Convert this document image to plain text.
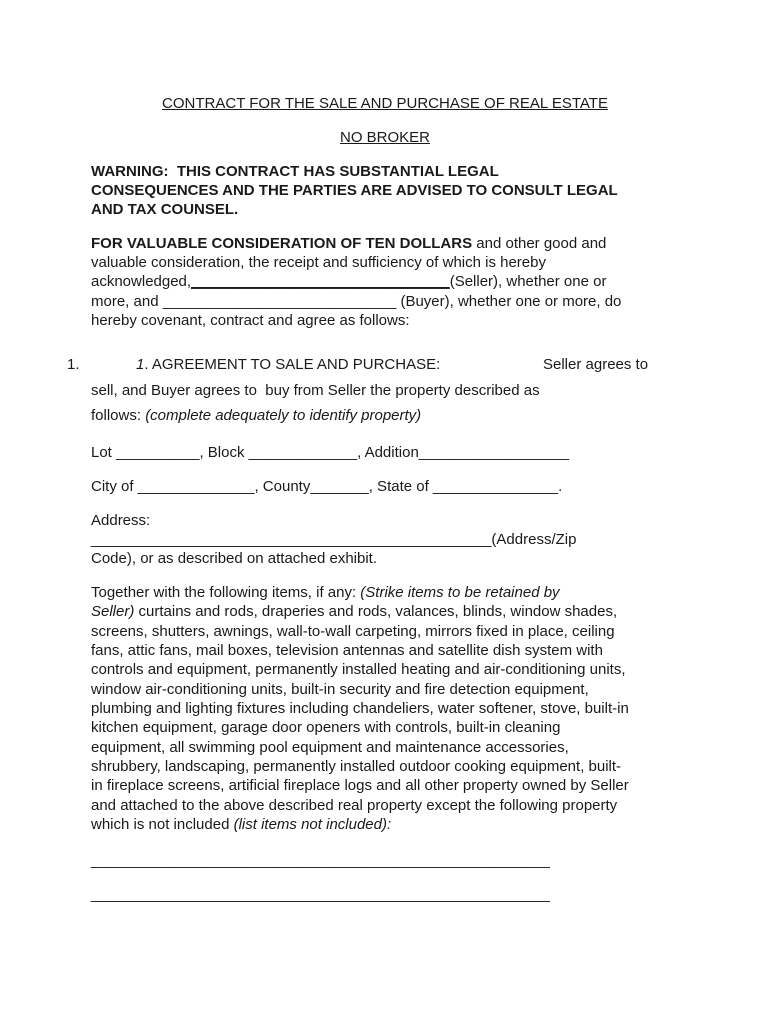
CONTRACT FOR THE SALE AND PURCHASE OF REAL ESTATE
NO BROKER
WARNING:  THIS CONTRACT HAS SUBSTANTIAL LEGAL
CONSEQUENCES AND THE PARTIES ARE ADVISED TO CONSULT LEGAL
AND TAX COUNSEL.
FOR VALUABLE CONSIDERATION OF TEN DOLLARS and other good and
valuable consideration, the receipt and sufficiency of which is hereby
acknowledged,_______________________________(Seller), whether one or
more, and ____________________________ (Buyer), whether one or more, do
hereby covenant, contract and agree as follows:
1.	1. AGREEMENT TO SALE AND PURCHASE:	Seller agrees to
sell, and Buyer agrees to  buy from Seller the property described as
follows: (complete adequately to identify property)
Lot __________, Block _____________, Addition__________________
City of ______________, County_______, State of _______________.
Address:
________________________________________________(Address/Zip
Code), or as described on attached exhibit.
Together with the following items, if any: (Strike items to be retained by
Seller) curtains and rods, draperies and rods, valances, blinds, window shades,
screens, shutters, awnings, wall-to-wall carpeting, mirrors fixed in place, ceiling
fans, attic fans, mail boxes, television antennas and satellite dish system with
controls and equipment, permanently installed heating and air-conditioning units,
window air-conditioning units, built-in security and fire detection equipment,
plumbing and lighting fixtures including chandeliers, water softener, stove, built-in
kitchen equipment, garage door openers with controls, built-in cleaning
equipment, all swimming pool equipment and maintenance accessories,
shrubbery, landscaping, permanently installed outdoor cooking equipment, built-
in fireplace screens, artificial fireplace logs and all other property owned by Seller
and attached to the above described real property except the following property
which is not included (list items not included):
_______________________________________________________
_______________________________________________________
